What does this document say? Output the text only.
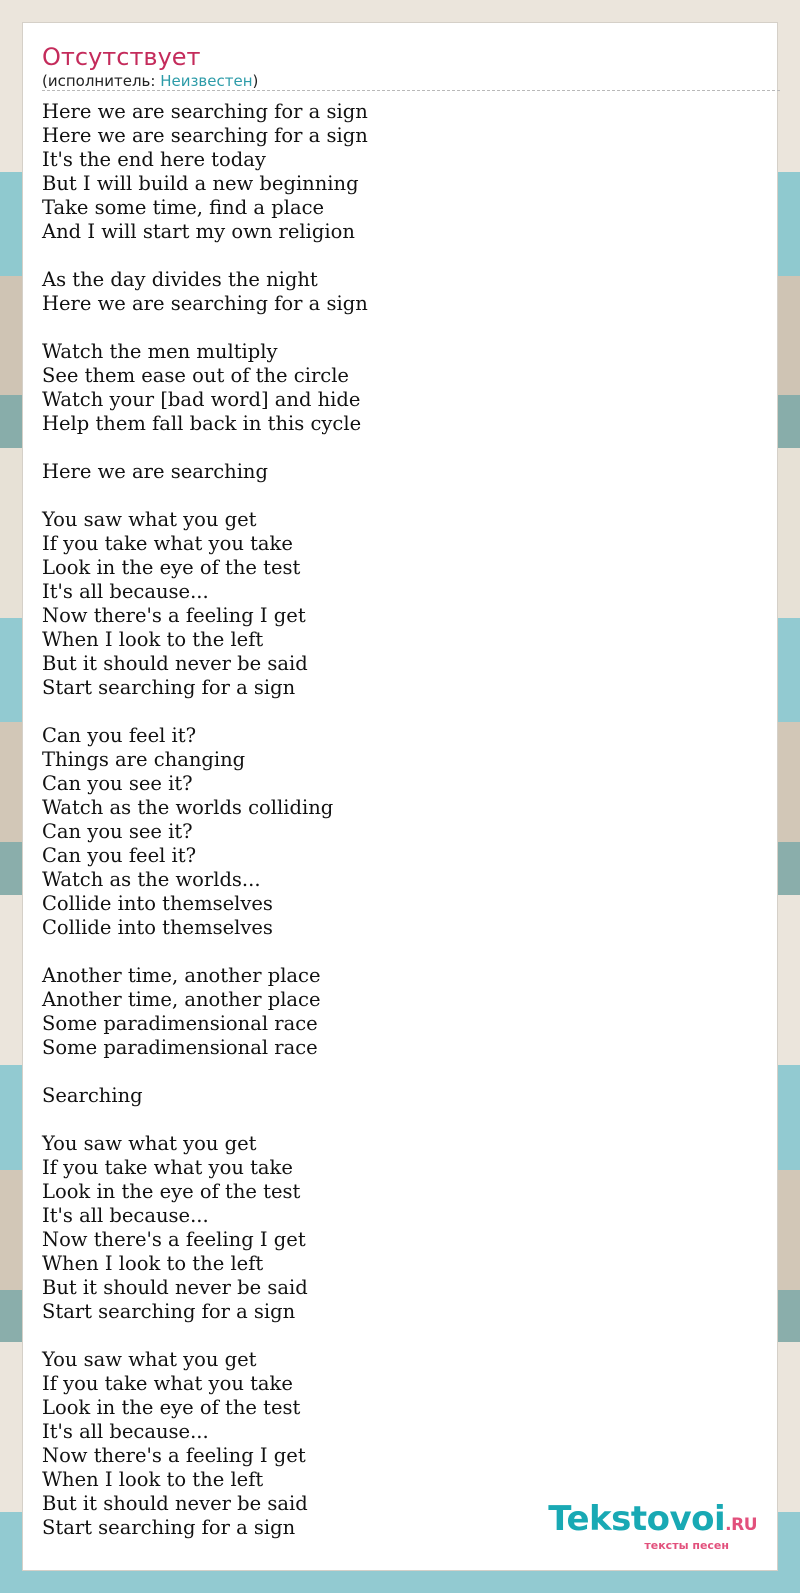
Отсутствует
(исполнитель: Неизвестен)
Here we are searching for a sign
Here we are searching for a sign
It's the end here today
But I will build a new beginning
Take some time, find a place
And I will start my own religion

As the day divides the night
Here we are searching for a sign

Watch the men multiply
See them ease out of the circle
Watch your [bad word] and hide
Help them fall back in this cycle

Here we are searching

You saw what you get
If you take what you take
Look in the eye of the test
It's all because...
Now there's a feeling I get
When I look to the left
But it should never be said
Start searching for a sign

Can you feel it?
Things are changing
Can you see it?
Watch as the worlds colliding
Can you see it?
Can you feel it?
Watch as the worlds...
Collide into themselves
Collide into themselves

Another time, another place
Another time, another place
Some paradimensional race
Some paradimensional race

Searching

You saw what you get
If you take what you take
Look in the eye of the test
It's all because...
Now there's a feeling I get
When I look to the left
But it should never be said
Start searching for a sign

You saw what you get
If you take what you take
Look in the eye of the test
It's all because...
Now there's a feeling I get
When I look to the left
But it should never be said
Start searching for a sign	Tekstovoi.RU
тексты песен
